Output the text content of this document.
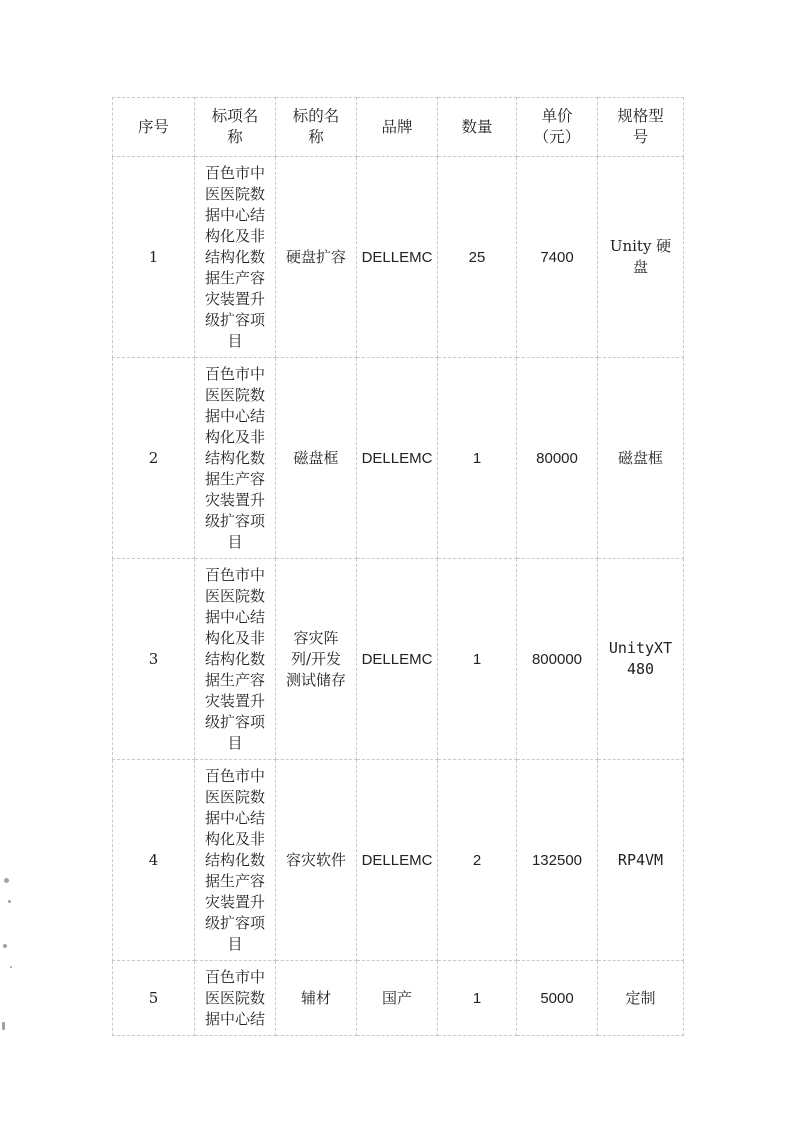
序号	标项名称	标的名称	品牌	数量	单价（元）	规格型号
1	百色市中医医院数据中心结构化及非结构化数据生产容灾装置升级扩容项目	硬盘扩容	DELLEMC	25	7400	Unity 硬盘
2	百色市中医医院数据中心结构化及非结构化数据生产容灾装置升级扩容项目	磁盘框	DELLEMC	1	80000	磁盘框
3	百色市中医医院数据中心结构化及非结构化数据生产容灾装置升级扩容项目	容灾阵列/开发测试储存	DELLEMC	1	800000	UnityXT 480
4	百色市中医医院数据中心结构化及非结构化数据生产容灾装置升级扩容项目	容灾软件	DELLEMC	2	132500	RP4VM
5	百色市中医医院数据中心结	辅材	国产	1	5000	定制
